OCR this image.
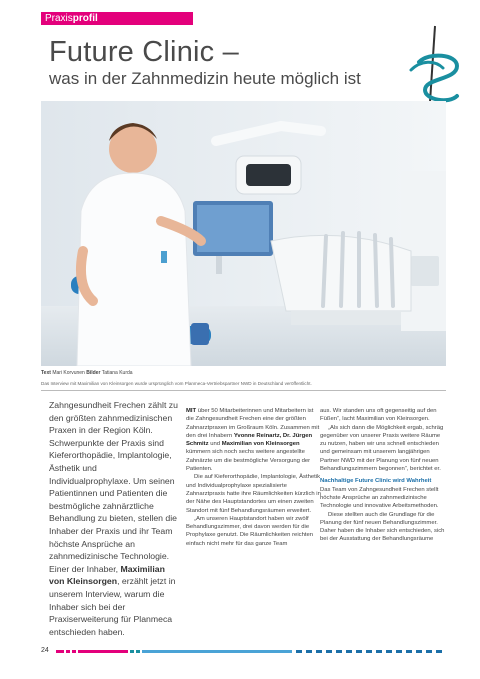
Praxisprofil
Future Clinic –
was in der Zahnmedizin heute möglich ist
Text Mari Korvunen Bilder Tatiana Kurda
Das Interview mit Maximilian von Kleinsorgen wurde ursprünglich vom Planmeca-Vertriebspartner NWD in Deutschland veröffentlicht.
Zahngesundheit Frechen zählt zu den größten zahnmedizinischen Praxen in der Region Köln. Schwerpunkte der Praxis sind Kieferorthopädie, Implantologie, Ästhetik und Individualprophylaxe. Um seinen Patientinnen und Patienten die bestmögliche zahnärztliche Behandlung zu bieten, stellen die Inhaber der Praxis und ihr Team höchste Ansprüche an zahnmedizinische Technologie. Einer der Inhaber, Maximilian von Kleinsorgen, erzählt jetzt in unserem Interview, warum die Inhaber sich bei der Praxiserweiterung für Planmeca entschieden haben.

MIT über 50 Mitarbeiterinnen und Mitarbeitern ist die Zahngesundheit Frechen eine der größten Zahnarztpraxen im Großraum Köln. Zusammen mit den drei Inhabern Yvonne Reinartz, Dr. Jürgen Schmitz und Maximilian von Kleinsorgen kümmern sich noch sechs weitere angestellte Zahnärzte um die bestmögliche Versorgung der Patienten.

Die auf Kieferorthopädie, Implantologie, Ästhetik und Individualprophylaxe spezialisierte Zahnarztpraxis hatte ihre Räumlichkeiten kürzlich in der Nähe des Hauptstandortes um einen zweiten Standort mit fünf Behandlungsräumen erweitert.

„Am unseren Hauptstandort haben wir zwölf Behandlungszimmer, drei davon werden für die Prophylaxe genutzt. Die Räumlichkeiten reichten einfach nicht mehr für das ganze Team

aus. Wir standen uns oft gegenseitig auf den Füßen“, lacht Maximilian von Kleinsorgen.

„Als sich dann die Möglichkeit ergab, schräg gegenüber von unserer Praxis weitere Räume zu nutzen, haben wir uns schnell entschieden und gemeinsam mit unserem langjährigen Partner NWD mit der Planung von fünf neuen Behandlungszimmern begonnen“, berichtet er.

Nachhaltige Future Clinic wird Wahrheit

Das Team von Zahngesundheit Frechen stellt höchste Ansprüche an zahnmedizinische Technologie und innovative Arbeitsmethoden.

Diese stellten auch die Grundlage für die Planung der fünf neuen Behandlungszimmer. Daher haben die Inhaber sich entschieden, sich bei der Ausstattung der Behandlungsräume

24
